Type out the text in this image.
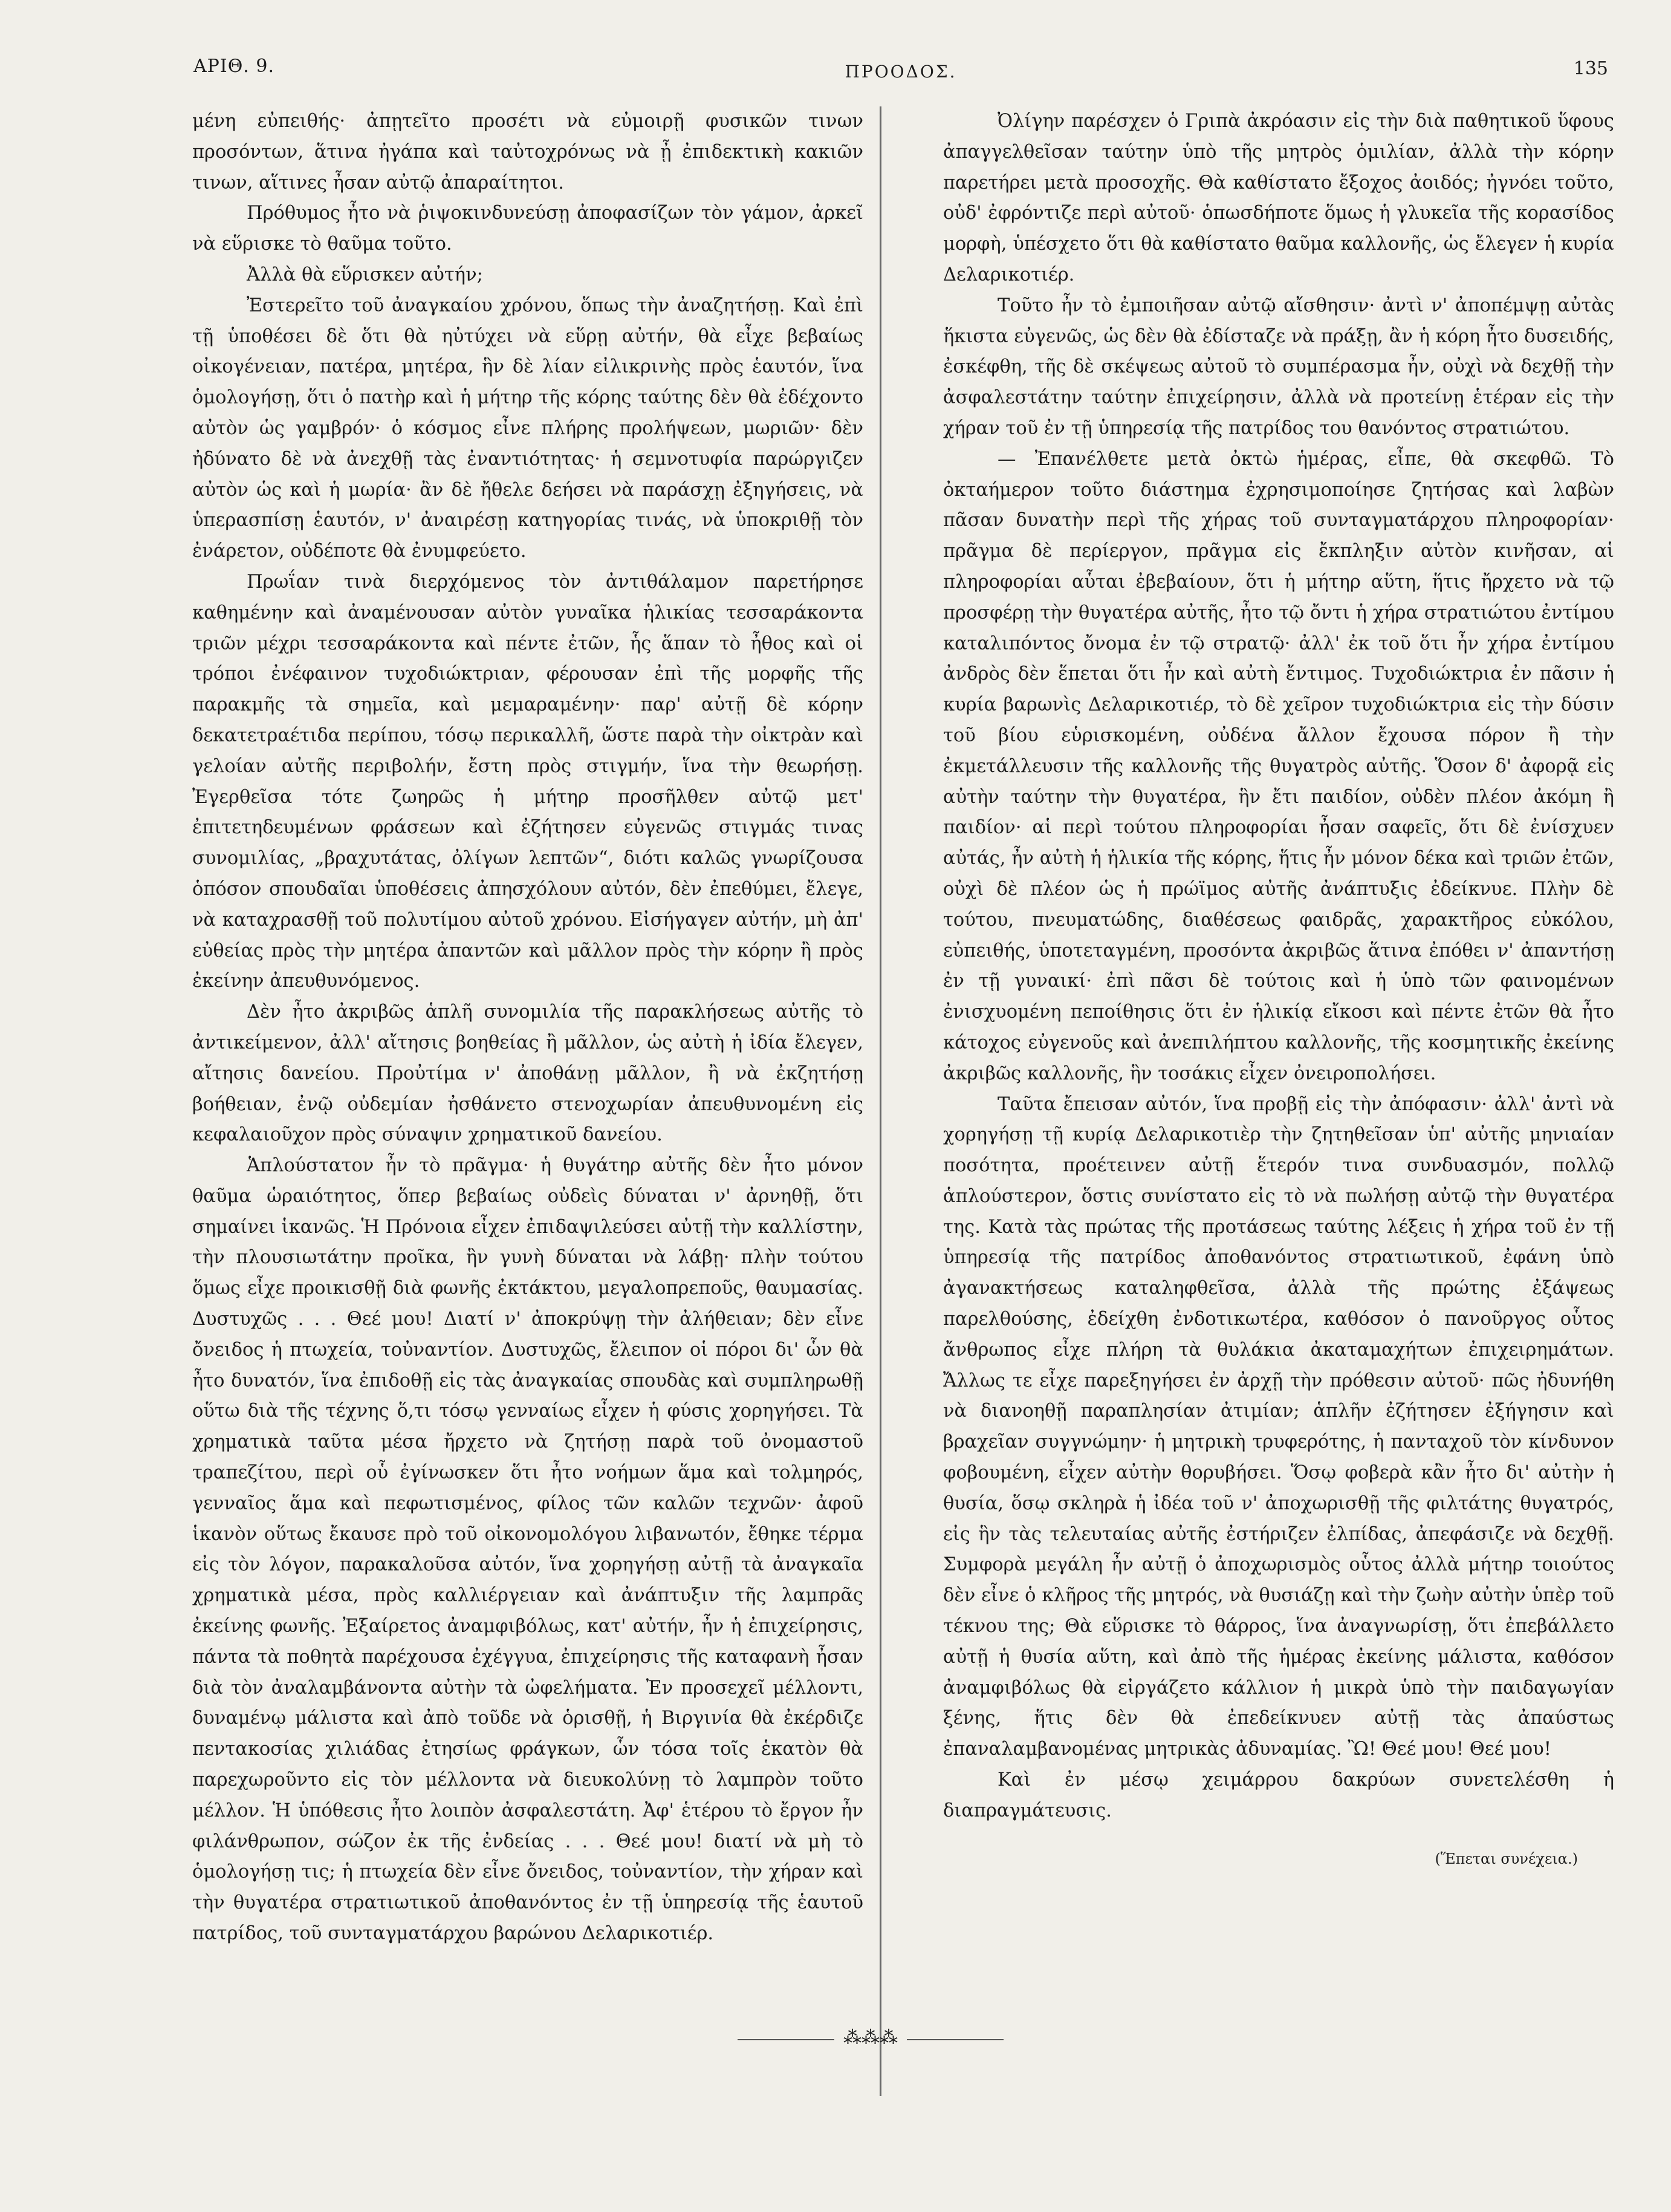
ΑΡΙΘ. 9.	ΠΡΟΟΔΟΣ.	135

μένη εὐπειθής· ἀπῃτεῖτο προσέτι νὰ εὐμοιρῇ φυσικῶν τινων προσόντων, ἅτινα ἠγάπα καὶ ταὐτοχρόνως νὰ ᾖ ἐπιδεκτικὴ κακιῶν τινων, αἵτινες ἦσαν αὐτῷ ἀπαραίτητοι.

Πρόθυμος ἦτο νὰ ῥιψοκινδυνεύσῃ ἀποφασίζων τὸν γάμον, ἀρκεῖ νὰ εὕρισκε τὸ θαῦμα τοῦτο.

Ἀλλὰ θὰ εὕρισκεν αὐτήν;

Ἐστερεῖτο τοῦ ἀναγκαίου χρόνου, ὅπως τὴν ἀναζητήσῃ. Καὶ ἐπὶ τῇ ὑποθέσει δὲ ὅτι θὰ ηὐτύχει νὰ εὕρῃ αὐτήν, θὰ εἶχε βεβαίως οἰκογένειαν, πατέρα, μητέρα, ἣν δὲ λίαν εἰλικρινὴς πρὸς ἑαυτόν, ἵνα ὁμολογήσῃ, ὅτι ὁ πατὴρ καὶ ἡ μήτηρ τῆς κόρης ταύτης δὲν θὰ ἐδέχοντο αὐτὸν ὡς γαμβρόν· ὁ κόσμος εἶνε πλήρης προλήψεων, μωριῶν· δὲν ἠδύνατο δὲ νὰ ἀνεχθῇ τὰς ἐναντιότητας· ἡ σεμνοτυφία παρώργιζεν αὐτὸν ὡς καὶ ἡ μωρία· ἂν δὲ ἤθελε δεήσει νὰ παράσχῃ ἐξηγήσεις, νὰ ὑπερασπίσῃ ἑαυτόν, ν' ἀναιρέσῃ κατηγορίας τινάς, νὰ ὑποκριθῇ τὸν ἐνάρετον, οὐδέποτε θὰ ἐνυμφεύετο.

Πρωΐαν τινὰ διερχόμενος τὸν ἀντιθάλαμον παρετήρησε καθημένην καὶ ἀναμένουσαν αὐτὸν γυναῖκα ἡλικίας τεσσαράκοντα τριῶν μέχρι τεσσαράκοντα καὶ πέντε ἐτῶν, ἧς ἅπαν τὸ ἦθος καὶ οἱ τρόποι ἐνέφαινον τυχοδιώκτριαν, φέρουσαν ἐπὶ τῆς μορφῆς τῆς παρακμῆς τὰ σημεῖα, καὶ μεμαραμένην· παρ' αὐτῇ δὲ κόρην δεκατετραέτιδα περίπου, τόσῳ περικαλλῆ, ὥστε παρὰ τὴν οἰκτρὰν καὶ γελοίαν αὐτῆς περιβολήν, ἔστη πρὸς στιγμήν, ἵνα τὴν θεωρήσῃ. Ἐγερθεῖσα τότε ζωηρῶς ἡ μήτηρ προσῆλθεν αὐτῷ μετ' ἐπιτετηδευμένων φράσεων καὶ ἐζήτησεν εὐγενῶς στιγμάς τινας συνομιλίας, „βραχυτάτας, ὀλίγων λεπτῶν“, διότι καλῶς γνωρίζουσα ὁπόσον σπουδαῖαι ὑποθέσεις ἀπησχόλουν αὐτόν, δὲν ἐπεθύμει, ἔλεγε, νὰ καταχρασθῇ τοῦ πολυτίμου αὐτοῦ χρόνου. Εἰσήγαγεν αὐτήν, μὴ ἀπ' εὐθείας πρὸς τὴν μητέρα ἀπαντῶν καὶ μᾶλλον πρὸς τὴν κόρην ἢ πρὸς ἐκείνην ἀπευθυνόμενος.

Δὲν ἦτο ἀκριβῶς ἁπλῆ συνομιλία τῆς παρακλήσεως αὐτῆς τὸ ἀντικείμενον, ἀλλ' αἴτησις βοηθείας ἢ μᾶλλον, ὡς αὐτὴ ἡ ἰδία ἔλεγεν, αἴτησις δανείου. Προὐτίμα ν' ἀποθάνῃ μᾶλλον, ἢ νὰ ἐκζητήσῃ βοήθειαν, ἐνῷ οὐδεμίαν ἠσθάνετο στενοχωρίαν ἀπευθυνομένη εἰς κεφαλαιοῦχον πρὸς σύναψιν χρηματικοῦ δανείου.

Ἁπλούστατον ἦν τὸ πρᾶγμα· ἡ θυγάτηρ αὐτῆς δὲν ἦτο μόνον θαῦμα ὡραιότητος, ὅπερ βεβαίως οὐδεὶς δύναται ν' ἀρνηθῇ, ὅτι σημαίνει ἱκανῶς. Ἡ Πρόνοια εἶχεν ἐπιδαψιλεύσει αὐτῇ τὴν καλλίστην, τὴν πλουσιωτάτην προῖκα, ἣν γυνὴ δύναται νὰ λάβῃ· πλὴν τούτου ὅμως εἶχε προικισθῇ διὰ φωνῆς ἐκτάκτου, μεγαλοπρεποῦς, θαυμασίας. Δυστυχῶς . . . Θεέ μου! Διατί ν' ἀποκρύψῃ τὴν ἀλήθειαν; δὲν εἶνε ὄνειδος ἡ πτωχεία, τοὐναντίον. Δυστυχῶς, ἔλειπον οἱ πόροι δι' ὧν θὰ ἦτο δυνατόν, ἵνα ἐπιδοθῇ εἰς τὰς ἀναγκαίας σπουδὰς καὶ συμπληρωθῇ οὕτω διὰ τῆς τέχνης ὅ,τι τόσῳ γενναίως εἶχεν ἡ φύσις χορηγήσει. Τὰ χρηματικὰ ταῦτα μέσα ἤρχετο νὰ ζητήσῃ παρὰ τοῦ ὀνομαστοῦ τραπεζίτου, περὶ οὗ ἐγίνωσκεν ὅτι ἦτο νοήμων ἅμα καὶ τολμηρός, γενναῖος ἅμα καὶ πεφωτισμένος, φίλος τῶν καλῶν τεχνῶν· ἀφοῦ ἱκανὸν οὕτως ἔκαυσε πρὸ τοῦ οἰκονομολόγου λιβανωτόν, ἔθηκε τέρμα εἰς τὸν λόγον, παρακαλοῦσα αὐτόν, ἵνα χορηγήσῃ αὐτῇ τὰ ἀναγκαῖα χρηματικὰ μέσα, πρὸς καλλιέργειαν καὶ ἀνάπτυξιν τῆς λαμπρᾶς ἐκείνης φωνῆς. Ἐξαίρετος ἀναμφιβόλως, κατ' αὐτήν, ἦν ἡ ἐπιχείρησις, πάντα τὰ ποθητὰ παρέχουσα ἐχέγγυα, ἐπιχείρησις τῆς καταφανὴ ἦσαν διὰ τὸν ἀναλαμβάνοντα αὐτὴν τὰ ὠφελήματα. Ἐν προσεχεῖ μέλλοντι, δυναμένῳ μάλιστα καὶ ἀπὸ τοῦδε νὰ ὁρισθῇ, ἡ Βιργινία θὰ ἐκέρδιζε πεντακοσίας χιλιάδας ἐτησίως φράγκων, ὧν τόσα τοῖς ἑκατὸν θὰ παρεχωροῦντο εἰς τὸν μέλλοντα νὰ διευκολύνῃ τὸ λαμπρὸν τοῦτο μέλλον. Ἡ ὑπόθεσις ἦτο λοιπὸν ἀσφαλεστάτη. Ἀφ' ἑτέρου τὸ ἔργον ἦν φιλάνθρωπον, σώζον ἐκ τῆς ἐνδείας . . . Θεέ μου! διατί νὰ μὴ τὸ ὁμολογήσῃ τις; ἡ πτωχεία δὲν εἶνε ὄνειδος, τοὐναντίον, τὴν χήραν καὶ τὴν θυγατέρα στρατιωτικοῦ ἀποθανόντος ἐν τῇ ὑπηρεσίᾳ τῆς ἑαυτοῦ πατρίδος, τοῦ συνταγματάρχου βαρώνου Δελαρικοτιέρ.

Ὀλίγην παρέσχεν ὁ Γριπὰ ἀκρόασιν εἰς τὴν διὰ παθητικοῦ ὕφους ἀπαγγελθεῖσαν ταύτην ὑπὸ τῆς μητρὸς ὁμιλίαν, ἀλλὰ τὴν κόρην παρετήρει μετὰ προσοχῆς. Θὰ καθίστατο ἔξοχος ἀοιδός; ἠγνόει τοῦτο, οὐδ' ἐφρόντιζε περὶ αὐτοῦ· ὁπωσδήποτε ὅμως ἡ γλυκεῖα τῆς κορασίδος μορφὴ, ὑπέσχετο ὅτι θὰ καθίστατο θαῦμα καλλονῆς, ὡς ἔλεγεν ἡ κυρία Δελαρικοτιέρ.

Τοῦτο ἦν τὸ ἐμποιῆσαν αὐτῷ αἴσθησιν· ἀντὶ ν' ἀποπέμψῃ αὐτὰς ἥκιστα εὐγενῶς, ὡς δὲν θὰ ἐδίσταζε νὰ πράξῃ, ἂν ἡ κόρη ἦτο δυσειδής, ἐσκέφθη, τῆς δὲ σκέψεως αὐτοῦ τὸ συμπέρασμα ἦν, οὐχὶ νὰ δεχθῇ τὴν ἀσφαλεστάτην ταύτην ἐπιχείρησιν, ἀλλὰ νὰ προτείνῃ ἑτέραν εἰς τὴν χήραν τοῦ ἐν τῇ ὑπηρεσίᾳ τῆς πατρίδος του θανόντος στρατιώτου.

— Ἐπανέλθετε μετὰ ὀκτὼ ἡμέρας, εἶπε, θὰ σκεφθῶ. Τὸ ὀκταήμερον τοῦτο διάστημα ἐχρησιμοποίησε ζητήσας καὶ λαβὼν πᾶσαν δυνατὴν περὶ τῆς χήρας τοῦ συνταγματάρχου πληροφορίαν· πρᾶγμα δὲ περίεργον, πρᾶγμα εἰς ἔκπληξιν αὐτὸν κινῆσαν, αἱ πληροφορίαι αὗται ἐβεβαίουν, ὅτι ἡ μήτηρ αὕτη, ἥτις ἤρχετο νὰ τῷ προσφέρῃ τὴν θυγατέρα αὐτῆς, ἦτο τῷ ὄντι ἡ χήρα στρατιώτου ἐντίμου καταλιπόντος ὄνομα ἐν τῷ στρατῷ· ἀλλ' ἐκ τοῦ ὅτι ἦν χήρα ἐντίμου ἀνδρὸς δὲν ἕπεται ὅτι ἦν καὶ αὐτὴ ἔντιμος. Τυχοδιώκτρια ἐν πᾶσιν ἡ κυρία βαρωνὶς Δελαρικοτιέρ, τὸ δὲ χεῖρον τυχοδιώκτρια εἰς τὴν δύσιν τοῦ βίου εὑρισκομένη, οὐδένα ἄλλον ἔχουσα πόρον ἢ τὴν ἐκμετάλλευσιν τῆς καλλονῆς τῆς θυγατρὸς αὐτῆς. Ὅσον δ' ἀφορᾷ εἰς αὐτὴν ταύτην τὴν θυγατέρα, ἣν ἔτι παιδίον, οὐδὲν πλέον ἀκόμη ἢ παιδίον· αἱ περὶ τούτου πληροφορίαι ἦσαν σαφεῖς, ὅτι δὲ ἐνίσχυεν αὐτάς, ἦν αὐτὴ ἡ ἡλικία τῆς κόρης, ἥτις ἦν μόνον δέκα καὶ τριῶν ἐτῶν, οὐχὶ δὲ πλέον ὡς ἡ πρώϊμος αὐτῆς ἀνάπτυξις ἐδείκνυε. Πλὴν δὲ τούτου, πνευματώδης, διαθέσεως φαιδρᾶς, χαρακτῆρος εὐκόλου, εὐπειθής, ὑποτεταγμένη, προσόντα ἀκριβῶς ἅτινα ἐπόθει ν' ἀπαντήσῃ ἐν τῇ γυναικί· ἐπὶ πᾶσι δὲ τούτοις καὶ ἡ ὑπὸ τῶν φαινομένων ἐνισχυομένη πεποίθησις ὅτι ἐν ἡλικίᾳ εἴκοσι καὶ πέντε ἐτῶν θὰ ἦτο κάτοχος εὐγενοῦς καὶ ἀνεπιλήπτου καλλονῆς, τῆς κοσμητικῆς ἐκείνης ἀκριβῶς καλλονῆς, ἣν τοσάκις εἶχεν ὀνειροπολήσει.

Ταῦτα ἔπεισαν αὐτόν, ἵνα προβῇ εἰς τὴν ἀπόφασιν· ἀλλ' ἀντὶ νὰ χορηγήσῃ τῇ κυρίᾳ Δελαρικοτιὲρ τὴν ζητηθεῖσαν ὑπ' αὐτῆς μηνιαίαν ποσότητα, προέτεινεν αὐτῇ ἕτερόν τινα συνδυασμόν, πολλῷ ἁπλούστερον, ὅστις συνίστατο εἰς τὸ νὰ πωλήσῃ αὐτῷ τὴν θυγατέρα της. Κατὰ τὰς πρώτας τῆς προτάσεως ταύτης λέξεις ἡ χήρα τοῦ ἐν τῇ ὑπηρεσίᾳ τῆς πατρίδος ἀποθανόντος στρατιωτικοῦ, ἐφάνη ὑπὸ ἀγανακτήσεως καταληφθεῖσα, ἀλλὰ τῆς πρώτης ἐξάψεως παρελθούσης, ἐδείχθη ἐνδοτικωτέρα, καθόσον ὁ πανοῦργος οὗτος ἄνθρωπος εἶχε πλήρη τὰ θυλάκια ἀκαταμαχήτων ἐπιχειρημάτων. Ἄλλως τε εἶχε παρεξηγήσει ἐν ἀρχῇ τὴν πρόθεσιν αὐτοῦ· πῶς ἠδυνήθη νὰ διανοηθῇ παραπλησίαν ἀτιμίαν; ἁπλῆν ἐζήτησεν ἐξήγησιν καὶ βραχεῖαν συγγνώμην· ἡ μητρικὴ τρυφερότης, ἡ πανταχοῦ τὸν κίνδυνον φοβουμένη, εἶχεν αὐτὴν θορυβήσει. Ὅσῳ φοβερὰ κἂν ἦτο δι' αὐτὴν ἡ θυσία, ὅσῳ σκληρὰ ἡ ἰδέα τοῦ ν' ἀποχωρισθῇ τῆς φιλτάτης θυγατρός, εἰς ἣν τὰς τελευταίας αὐτῆς ἐστήριζεν ἐλπίδας, ἀπεφάσιζε νὰ δεχθῇ. Συμφορὰ μεγάλη ἦν αὐτῇ ὁ ἀποχωρισμὸς οὗτος ἀλλὰ μήτηρ τοιούτος δὲν εἶνε ὁ κλῆρος τῆς μητρός, νὰ θυσιάζῃ καὶ τὴν ζωὴν αὐτὴν ὑπὲρ τοῦ τέκνου της; Θὰ εὕρισκε τὸ θάρρος, ἵνα ἀναγνωρίσῃ, ὅτι ἐπεβάλλετο αὐτῇ ἡ θυσία αὕτη, καὶ ἀπὸ τῆς ἡμέρας ἐκείνης μάλιστα, καθόσον ἀναμφιβόλως θὰ εἰργάζετο κάλλιον ἡ μικρὰ ὑπὸ τὴν παιδαγωγίαν ξένης, ἥτις δὲν θὰ ἐπεδείκνυεν αὐτῇ τὰς ἀπαύστως ἐπαναλαμβανομένας μητρικὰς ἀδυναμίας. Ὢ! Θεέ μου! Θεέ μου!

Καὶ ἐν μέσῳ χειμάρρου δακρύων συνετελέσθη ἡ διαπραγμάτευσις.

(Ἕπεται συνέχεια.)
⁂⁂⁂
